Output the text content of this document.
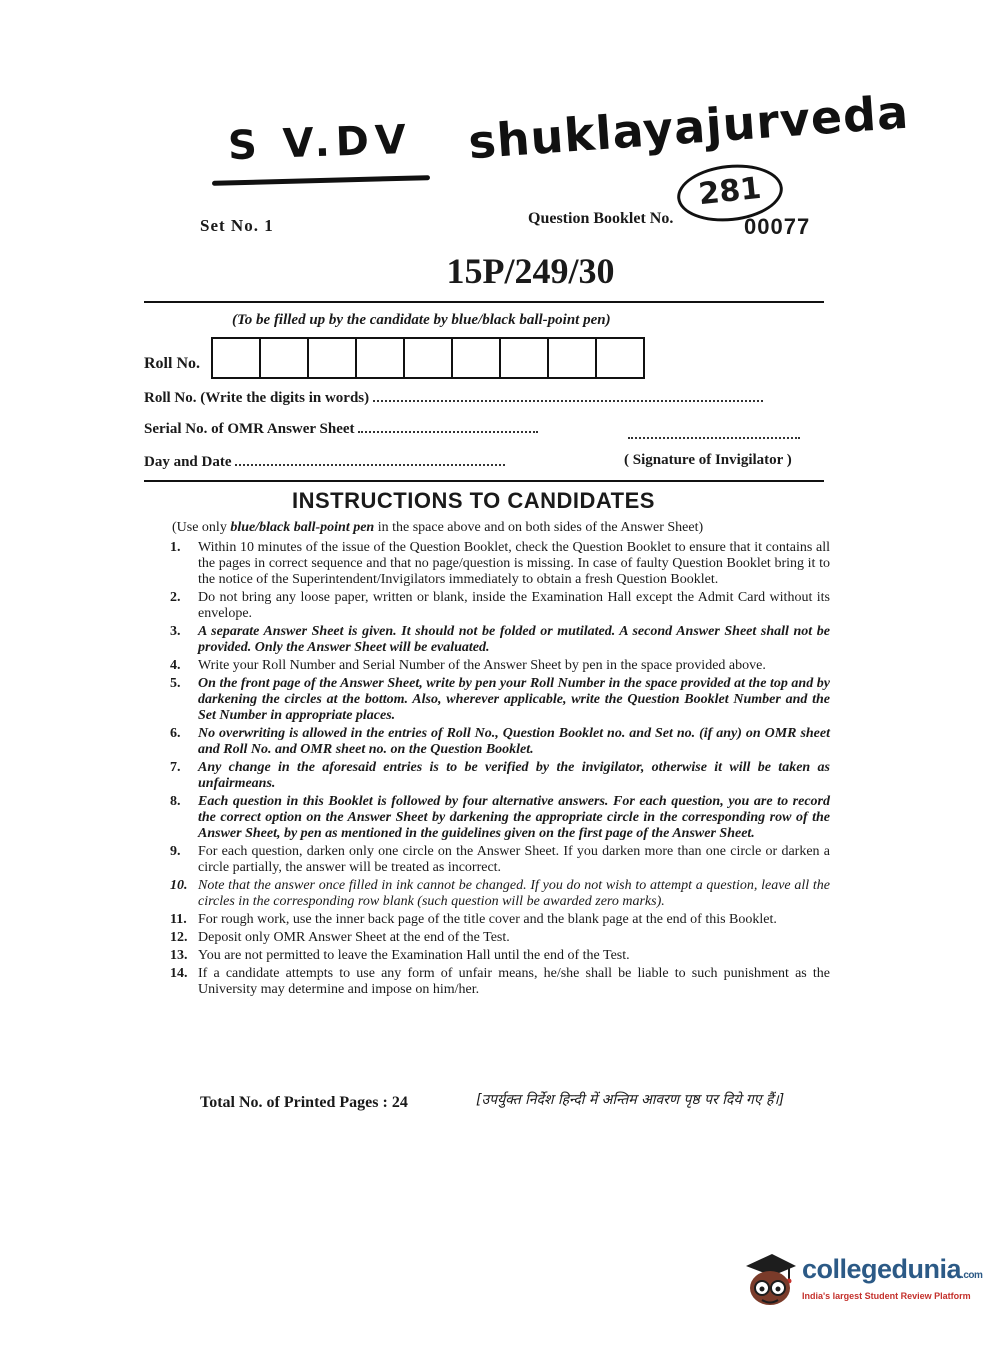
S V.DV shuklayajurveda
281
Set No. 1	Question Booklet No.	00077
15P/249/30
(To be filled up by the candidate by blue/black ball-point pen)
Roll No.
Roll No. (Write the digits in words)
Serial No. of OMR Answer Sheet
Day and Date	( Signature of Invigilator )
INSTRUCTIONS TO CANDIDATES
(Use only blue/black ball-point pen in the space above and on both sides of the Answer Sheet)
1.	Within 10 minutes of the issue of the Question Booklet, check the Question Booklet to ensure that it contains all the pages in correct sequence and that no page/question is missing. In case of faulty Question Booklet bring it to the notice of the Superintendent/Invigilators immediately to obtain a fresh Question Booklet.
2.	Do not bring any loose paper, written or blank, inside the Examination Hall except the Admit Card without its envelope.
3.	A separate Answer Sheet is given. It should not be folded or mutilated. A second Answer Sheet shall not be provided. Only the Answer Sheet will be evaluated.
4.	Write your Roll Number and Serial Number of the Answer Sheet by pen in the space provided above.
5.	On the front page of the Answer Sheet, write by pen your Roll Number in the space provided at the top and by darkening the circles at the bottom. Also, wherever applicable, write the Question Booklet Number and the Set Number in appropriate places.
6.	No overwriting is allowed in the entries of Roll No., Question Booklet no. and Set no. (if any) on OMR sheet and Roll No. and OMR sheet no. on the Question Booklet.
7.	Any change in the aforesaid entries is to be verified by the invigilator, otherwise it will be taken as unfairmeans.
8.	Each question in this Booklet is followed by four alternative answers. For each question, you are to record the correct option on the Answer Sheet by darkening the appropriate circle in the corresponding row of the Answer Sheet, by pen as mentioned in the guidelines given on the first page of the Answer Sheet.
9.	For each question, darken only one circle on the Answer Sheet. If you darken more than one circle or darken a circle partially, the answer will be treated as incorrect.
10. Note that the answer once filled in ink cannot be changed. If you do not wish to attempt a question, leave all the circles in the corresponding row blank (such question will be awarded zero marks).
11. For rough work, use the inner back page of the title cover and the blank page at the end of this Booklet.
12. Deposit only OMR Answer Sheet at the end of the Test.
13. You are not permitted to leave the Examination Hall until the end of the Test.
14. If a candidate attempts to use any form of unfair means, he/she shall be liable to such punishment as the University may determine and impose on him/her.
Total No. of Printed Pages : 24	[उपर्युक्त निर्देश हिन्दी में अन्तिम आवरण पृष्ठ पर दिये गए हैं।]
collegedunia.com
India's largest Student Review Platform
